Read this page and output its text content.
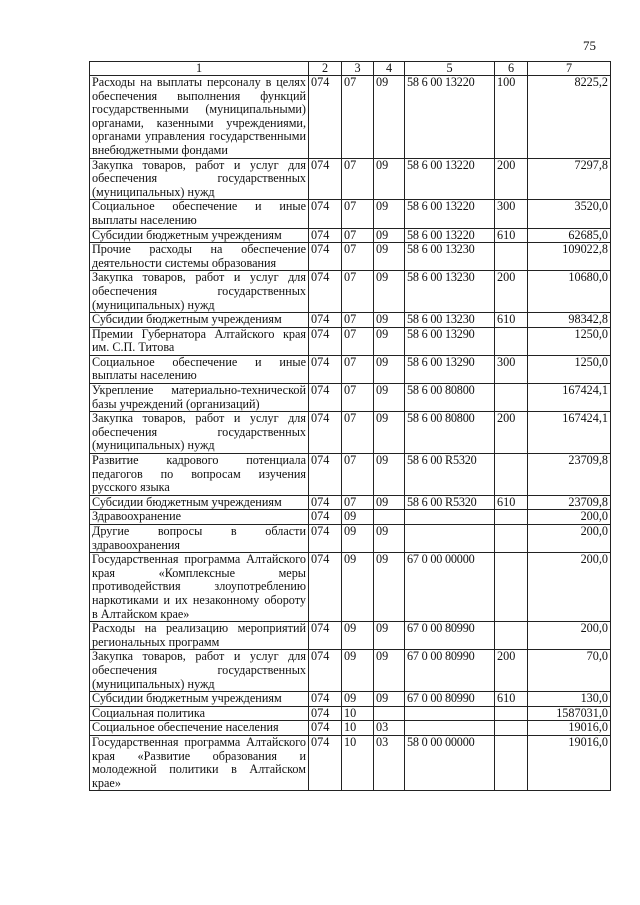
75
1	2	3	4	5	6	7
Расходы на выплаты персоналу в целях обеспечения выполнения функций государственными (муниципальными) органами, казенными учреждениями, органами управления государственными внебюджетными фондами	074	07	09	58 6 00 13220	100	8225,2
Закупка товаров, работ и услуг для обеспечения государственных (муниципальных) нужд	074	07	09	58 6 00 13220	200	7297,8
Социальное обеспечение и иные выплаты населению	074	07	09	58 6 00 13220	300	3520,0
Субсидии бюджетным учреждениям	074	07	09	58 6 00 13220	610	62685,0
Прочие расходы на обеспечение деятельности системы образования	074	07	09	58 6 00 13230		109022,8
Закупка товаров, работ и услуг для обеспечения государственных (муниципальных) нужд	074	07	09	58 6 00 13230	200	10680,0
Субсидии бюджетным учреждениям	074	07	09	58 6 00 13230	610	98342,8
Премии Губернатора Алтайского края им. С.П. Титова	074	07	09	58 6 00 13290		1250,0
Социальное обеспечение и иные выплаты населению	074	07	09	58 6 00 13290	300	1250,0
Укрепление материально-технической базы учреждений (организаций)	074	07	09	58 6 00 80800		167424,1
Закупка товаров, работ и услуг для обеспечения государственных (муниципальных) нужд	074	07	09	58 6 00 80800	200	167424,1
Развитие кадрового потенциала педагогов по вопросам изучения русского языка	074	07	09	58 6 00 R5320		23709,8
Субсидии бюджетным учреждениям	074	07	09	58 6 00 R5320	610	23709,8
Здравоохранение	074	09				200,0
Другие вопросы в области здравоохранения	074	09	09			200,0
Государственная программа Алтайского края «Комплексные меры противодействия злоупотреблению наркотиками и их незаконному обороту в Алтайском крае»	074	09	09	67 0 00 00000		200,0
Расходы на реализацию мероприятий региональных программ	074	09	09	67 0 00 80990		200,0
Закупка товаров, работ и услуг для обеспечения государственных (муниципальных) нужд	074	09	09	67 0 00 80990	200	70,0
Субсидии бюджетным учреждениям	074	09	09	67 0 00 80990	610	130,0
Социальная политика	074	10				1587031,0
Социальное обеспечение населения	074	10	03			19016,0
Государственная программа Алтайского края «Развитие образования и молодежной политики в Алтайском крае»	074	10	03	58 0 00 00000		19016,0
